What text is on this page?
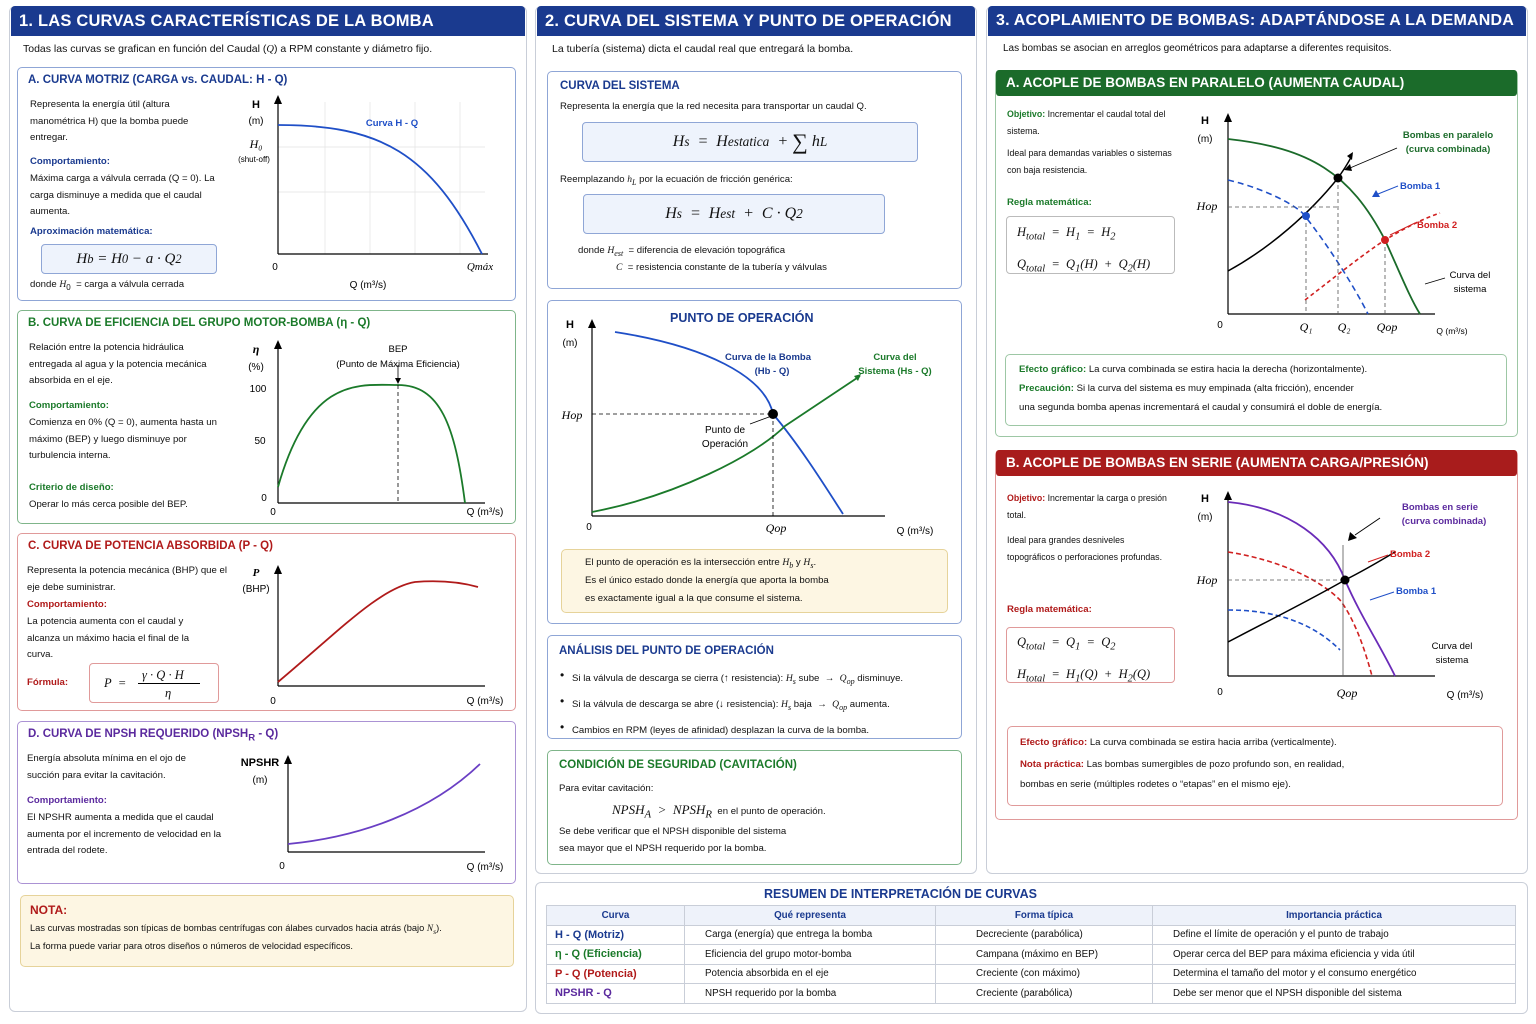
1. LAS CURVAS CARACTERÍSTICAS DE LA BOMBA
Todas las curvas se grafican en función del Caudal (Q) a RPM constante y diámetro fijo.
A. CURVA MOTRIZ (CARGA vs. CAUDAL: H - Q)
Representa la energía útil (altura manométrica H) que la bomba puede entregar.
Comportamiento:
Máxima carga a válvula cerrada (Q = 0). La carga disminuye a medida que el caudal aumenta.
Aproximación matemática:
H b = H 0 − a · Q 2
donde $H_0$  = carga a válvula cerrada
H
(m)
H₀
(shut-off)
Curva H - Q
0	Qmáx
Q (m³/s)
B. CURVA DE EFICIENCIA DEL GRUPO MOTOR-BOMBA (η - Q)
Relación entre la potencia hidráulica entregada al agua y la potencia mecánica absorbida en el eje.
Comportamiento:
Comienza en 0% (Q = 0), aumenta hasta un máximo (BEP) y luego disminuye por turbulencia interna.
Criterio de diseño:
Operar lo más cerca posible del BEP.
η
(%)
100
50
0
BEP
(Punto de Máxima Eficiencia)
0	Q (m³/s)
C. CURVA DE POTENCIA ABSORBIDA (P - Q)
Representa la potencia mecánica (BHP) que el eje debe suministrar.
Comportamiento:
La potencia aumenta con el caudal y alcanza un máximo hacia el final de la curva.
Fórmula:	P  =
γ · Q · H
η
P
(BHP)
0	Q (m³/s)
D. CURVA DE NPSH REQUERIDO $(NPSH_R - Q)$
Energía absoluta mínima en el ojo de succión para evitar la cavitación.
Comportamiento:
El NPSHR aumenta a medida que el caudal aumenta por el incremento de velocidad en la entrada del rodete.
NPSHR
(m)
0	Q (m³/s)
NOTA:
Las curvas mostradas son típicas de bombas centrífugas con álabes curvados hacia atrás (bajo $N_s$).
La forma puede variar para otros diseños o números de velocidad específicos.
2. CURVA DEL SISTEMA Y PUNTO DE OPERACIÓN
La tubería (sistema) dicta el caudal real que entregará la bomba.
CURVA DEL SISTEMA
Representa la energía que la red necesita para transportar un caudal Q.
H s =  H estatica + ∑ h L
Reemplazando $h_L$ por la ecuación de fricción genérica:
H s =  H est +  C · Q 2
donde $H_{est}$  = diferencia de elevación topográfica
C  = resistencia constante de la tubería y válvulas
PUNTO DE OPERACIÓN
H
(m)
Hop
Curva de la Bomba
(Hb - Q)
Curva del
Sistema (Hs - Q)
Punto de
Operación
0	Qop	Q (m³/s)
El punto de operación es la intersección entre $H_b$ y $H_s$.
Es el único estado donde la energía que aporta la bomba
es exactamente igual a la que consume el sistema.
ANÁLISIS DEL PUNTO DE OPERACIÓN
• Si la válvula de descarga se cierra (↑ resistencia): $H_s$ sube  →  $Q_{op}$ disminuye.
• Si la válvula de descarga se abre (↓ resistencia): $H_s$ baja  →  $Q_{op}$ aumenta.
• Cambios en RPM (leyes de afinidad) desplazan la curva de la bomba.
CONDICIÓN DE SEGURIDAD (CAVITACIÓN)
Para evitar cavitación:
$NPSH_A$  >  $NPSH_R$  en el punto de operación.
Se debe verificar que el NPSH disponible del sistema
sea mayor que el NPSH requerido por la bomba.
3. ACOPLAMIENTO DE BOMBAS: ADAPTÁNDOSE A LA DEMANDA
Las bombas se asocian en arreglos geométricos para adaptarse a diferentes requisitos.
A. ACOPLE DE BOMBAS EN PARALELO (AUMENTA CAUDAL)
Objetivo: Incrementar el caudal total del sistema.
Ideal para demandas variables o sistemas con baja resistencia.
Regla matemática:
$H_{total} = H_1 = H_2$
$Q_{total} = Q_1(H) + Q_2(H)$
H
(m)
Hop
Bombas en paralelo
(curva combinada)
Bomba 1
Bomba 2
Curva del
sistema
0	Q₁ Q₂ Qop	Q (m³/s)
Efecto gráfico: La curva combinada se estira hacia la derecha (horizontalmente).
Precaución: Si la curva del sistema es muy empinada (alta fricción), encender
una segunda bomba apenas incrementará el caudal y consumirá el doble de energía.
B. ACOPLE DE BOMBAS EN SERIE (AUMENTA CARGA/PRESIÓN)
Objetivo: Incrementar la carga o presión total.
Ideal para grandes desniveles topográficos o perforaciones profundas.
Regla matemática:
$Q_{total} = Q_1 = Q_2$
$H_{total} = H_1(Q) + H_2(Q)$
H
(m)
Hop
Bombas en serie
(curva combinada)
Bomba 2
Bomba 1
Curva del
sistema
0	Qop	Q (m³/s)
Efecto gráfico: La curva combinada se estira hacia arriba (verticalmente).
Nota práctica: Las bombas sumergibles de pozo profundo son, en realidad,
bombas en serie (múltiples rodetes o “etapas” en el mismo eje).
RESUMEN DE INTERPRETACIÓN DE CURVAS
Curva	Qué representa	Forma típica	Importancia práctica
H - Q (Motriz)	Carga (energía) que entrega la bomba	Decreciente (parabólica)	Define el límite de operación y el punto de trabajo
η - Q (Eficiencia)	Eficiencia del grupo motor-bomba	Campana (máximo en BEP)	Operar cerca del BEP para máxima eficiencia y vida útil
P - Q (Potencia)	Potencia absorbida en el eje	Creciente (con máximo)	Determina el tamaño del motor y el consumo energético
NPSHR - Q	NPSH requerido por la bomba	Creciente (parabólica)	Debe ser menor que el NPSH disponible del sistema
